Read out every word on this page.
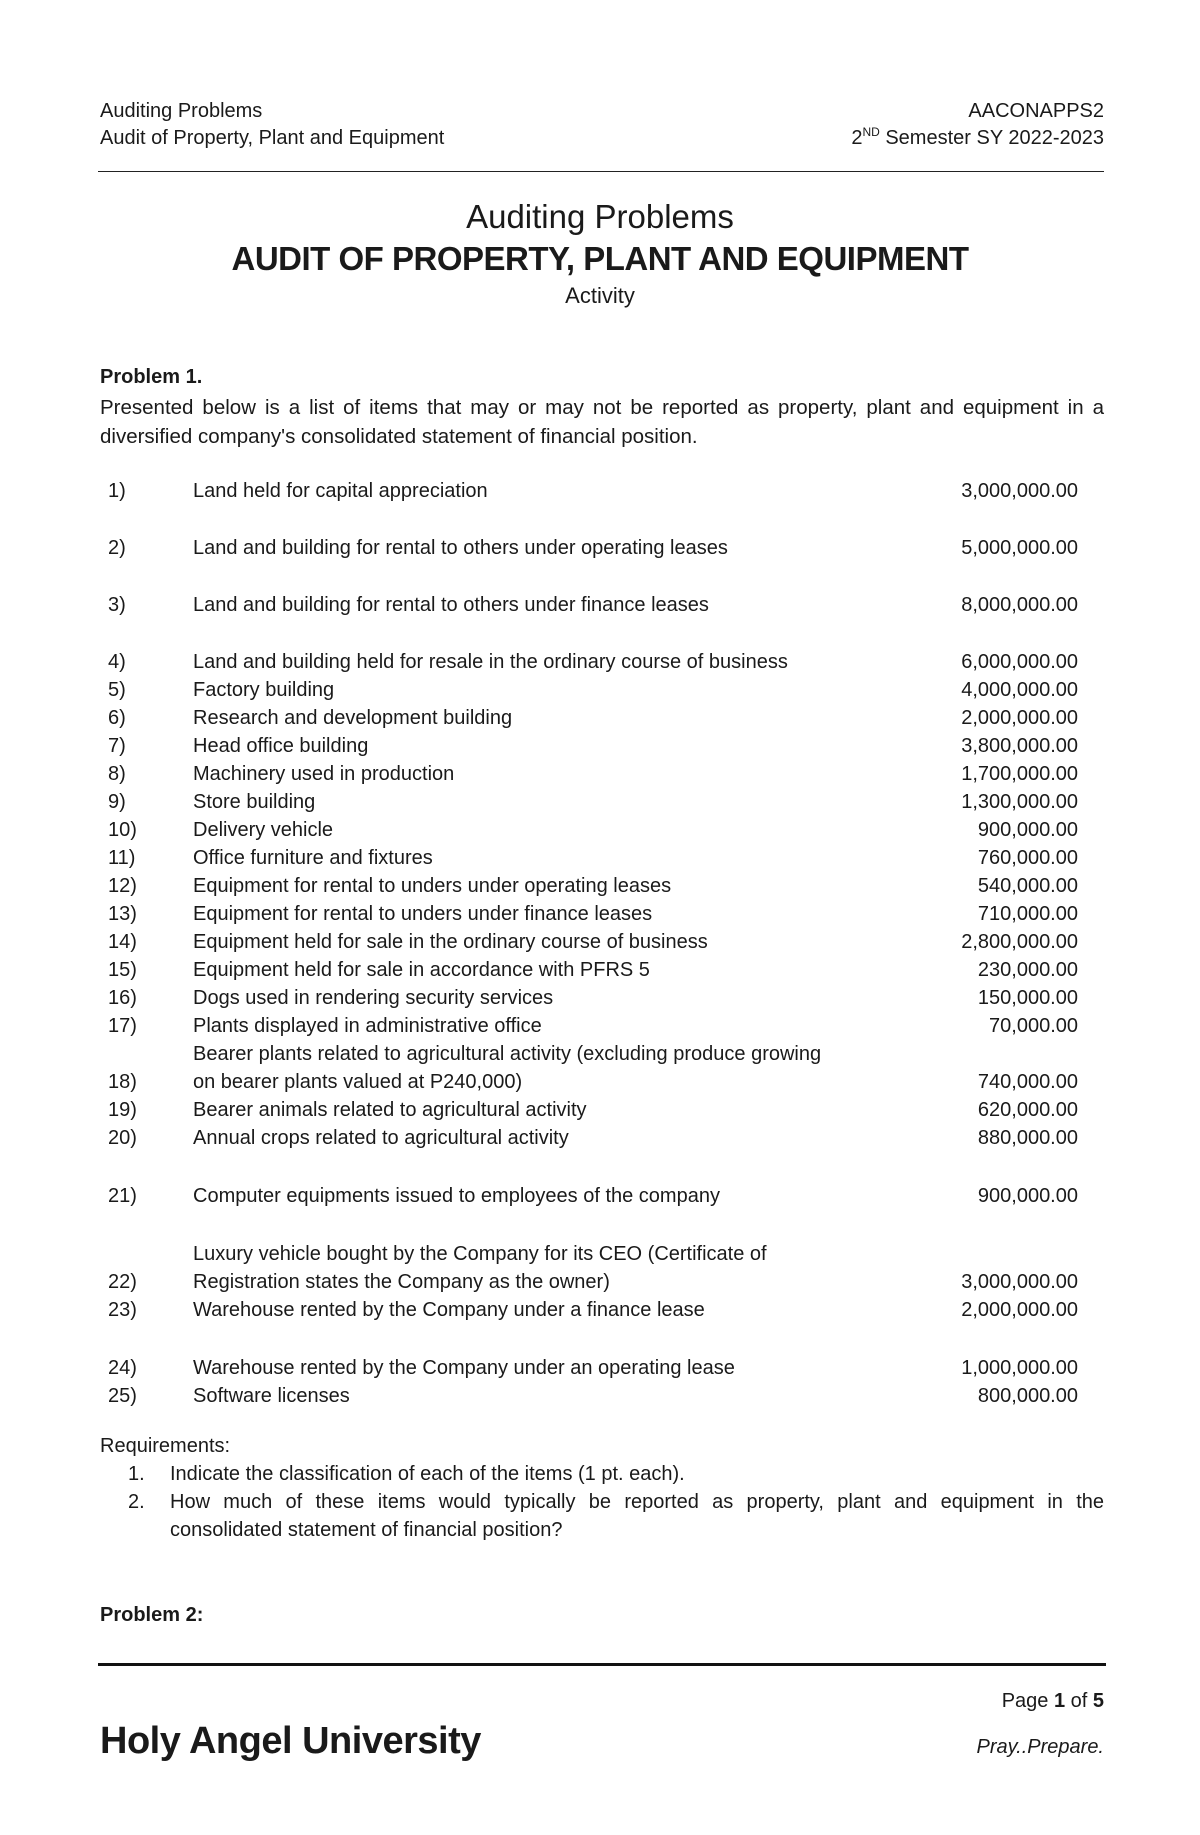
Auditing Problems
Audit of Property, Plant and Equipment
AACONAPPS2
2ND Semester SY 2022-2023
Auditing Problems
AUDIT OF PROPERTY, PLANT AND EQUIPMENT
Activity
Problem 1.
Presented below is a list of items that may or may not be reported as property, plant and equipment in a diversified company's consolidated statement of financial position.
1)	Land held for capital appreciation	3,000,000.00
2)	Land and building for rental to others under operating leases	5,000,000.00
3)	Land and building for rental to others under finance leases	8,000,000.00
4)	Land and building held for resale in the ordinary course of business	6,000,000.00
5)	Factory building	4,000,000.00
6)	Research and development building	2,000,000.00
7)	Head office building	3,800,000.00
8)	Machinery used in production	1,700,000.00
9)	Store building	1,300,000.00
10)	Delivery vehicle	900,000.00
11)	Office furniture and fixtures	760,000.00
12)	Equipment for rental to unders under operating leases	540,000.00
13)	Equipment for rental to unders under finance leases	710,000.00
14)	Equipment held for sale in the ordinary course of business	2,800,000.00
15)	Equipment held for sale in accordance with PFRS 5	230,000.00
16)	Dogs used in rendering security services	150,000.00
17)	Plants displayed in administrative office	70,000.00
18)
Bearer plants related to agricultural activity (excluding produce growing on bearer plants valued at P240,000)	740,000.00
19)	Bearer animals related to agricultural activity	620,000.00
20)	Annual crops related to agricultural activity	880,000.00
21)	Computer equipments issued to employees of the company	900,000.00
22)
Luxury vehicle bought by the Company for its CEO (Certificate of Registration states the Company as the owner)	3,000,000.00
23)	Warehouse rented by the Company under a finance lease	2,000,000.00
24)	Warehouse rented by the Company under an operating lease	1,000,000.00
25)	Software licenses	800,000.00
Requirements:
1. Indicate the classification of each of the items (1 pt. each).
2. How much of these items would typically be reported as property, plant and equipment in the consolidated statement of financial position?
Problem 2:
Holy Angel University
Page 1 of 5
Pray..Prepare.
